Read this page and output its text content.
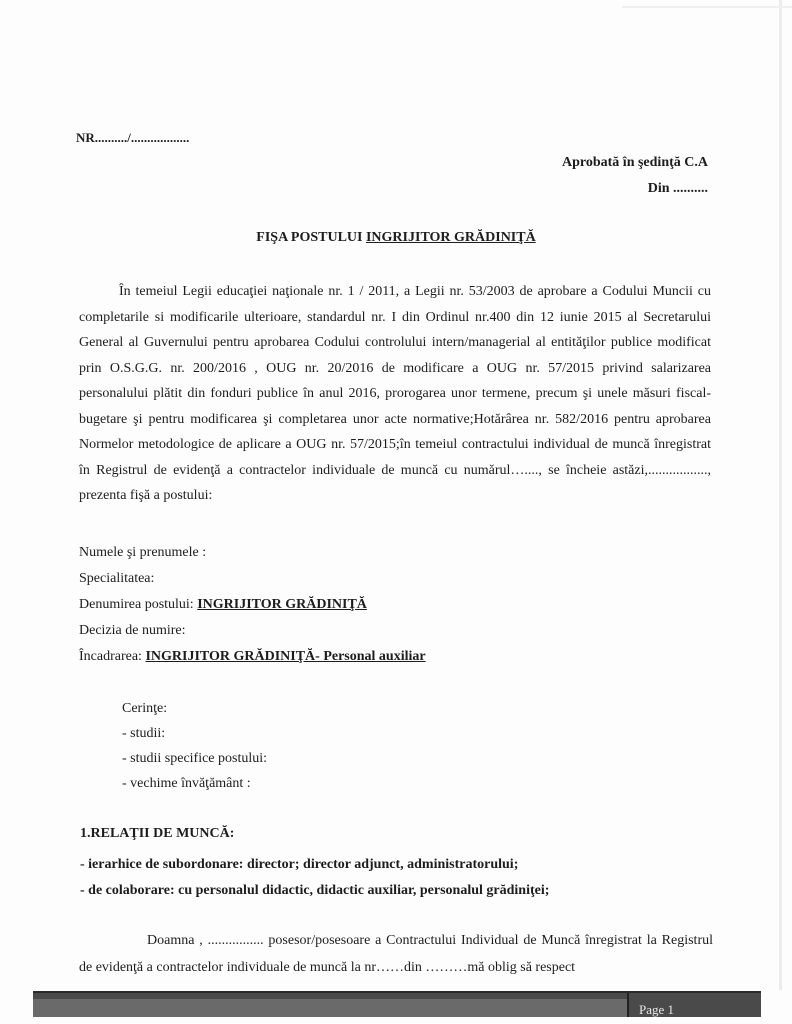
NR........../..................
Aprobată în şedinţă C.A
Din ..........
FIŞA POSTULUI INGRIJITOR GRĂDINIŢĂ
În temeiul Legii educaţiei naţionale nr. 1 / 2011, a Legii nr. 53/2003 de aprobare a Codului Muncii cu completarile si modificarile ulterioare, standardul nr. I din Ordinul nr.400 din 12 iunie 2015 al Secretarului General al Guvernului pentru aprobarea Codului controlului intern/managerial al entităţilor publice modificat prin O.S.G.G. nr. 200/2016 , OUG nr. 20/2016 de modificare a OUG nr. 57/2015 privind salarizarea personalului plătit din fonduri publice în anul 2016, prorogarea unor termene, precum şi unele măsuri fiscal-bugetare şi pentru modificarea şi completarea unor acte normative;Hotărârea nr. 582/2016 pentru aprobarea Normelor metodologice de aplicare a OUG nr. 57/2015;în temeiul contractului individual de muncă înregistrat în Registrul de evidenţă a contractelor individuale de muncă cu numărul…...., se încheie astăzi,................., prezenta fişă a postului:
Numele şi prenumele :
Specialitatea:
Denumirea postului: INGRIJITOR GRĂDINIŢĂ
Decizia de numire:
Încadrarea: INGRIJITOR GRĂDINIŢĂ- Personal auxiliar
Cerinţe:
- studii:
- studii specifice postului:
- vechime învăţământ :
1.RELAŢII DE MUNCĂ:
- ierarhice de subordonare: director; director adjunct, administratorului;
- de colaborare: cu personalul didactic, didactic auxiliar, personalul grădiniţei;
Doamna , ................ posesor/posesoare a Contractului Individual de Muncă înregistrat la Registrul de evidenţă a contractelor individuale de muncă la nr……din ………mă oblig să respect
Page 1
